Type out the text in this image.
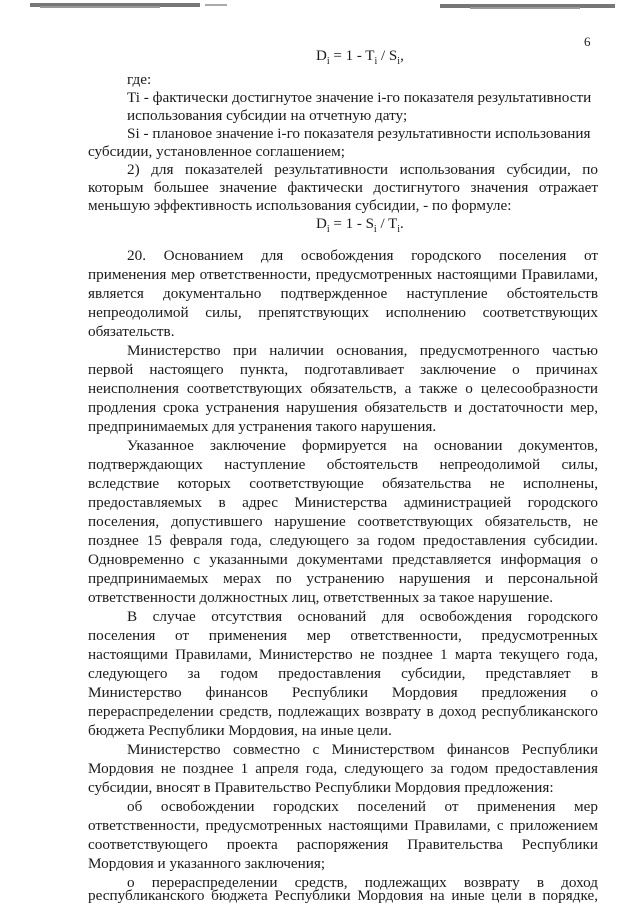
6
$D_i = 1 - T_i / S_i$,
$D_i = 1 - S_i / T_i$.
где:
Ti - фактически достигнутое значение i-го показателя результативности
использования субсидии на отчетную дату;
Si - плановое значение i-го показателя результативности использования
субсидии, установленное соглашением;
2) для показателей результативности использования субсидии, по
которым большее значение фактически достигнутого значения отражает
меньшую эффективность использования субсидии, - по формуле:
20. Основанием для освобождения городского поселения от
применения мер ответственности, предусмотренных настоящими Правилами,
является документально подтвержденное наступление обстоятельств
непреодолимой силы, препятствующих исполнению соответствующих
обязательств.
Министерство при наличии основания, предусмотренного частью
первой настоящего пункта, подготавливает заключение о причинах
неисполнения соответствующих обязательств, а также о целесообразности
продления срока устранения нарушения обязательств и достаточности мер,
предпринимаемых для устранения такого нарушения.
Указанное заключение формируется на основании документов,
подтверждающих наступление обстоятельств непреодолимой силы,
вследствие которых соответствующие обязательства не исполнены,
предоставляемых в адрес Министерства администрацией городского
поселения, допустившего нарушение соответствующих обязательств, не
позднее 15 февраля года, следующего за годом предоставления субсидии.
Одновременно с указанными документами представляется информация о
предпринимаемых мерах по устранению нарушения и персональной
ответственности должностных лиц, ответственных за такое нарушение.
В случае отсутствия оснований для освобождения городского
поселения от применения мер ответственности, предусмотренных
настоящими Правилами, Министерство не позднее 1 марта текущего года,
следующего за годом предоставления субсидии, представляет в
Министерство финансов Республики Мордовия предложения о
перераспределении средств, подлежащих возврату в доход республиканского
бюджета Республики Мордовия, на иные цели.
Министерство совместно с Министерством финансов Республики
Мордовия не позднее 1 апреля года, следующего за годом предоставления
субсидии, вносят в Правительство Республики Мордовия предложения:
об освобождении городских поселений от применения мер
ответственности, предусмотренных настоящими Правилами, с приложением
соответствующего проекта распоряжения Правительства Республики
Мордовия и указанного заключения;
о перераспределении средств, подлежащих возврату в доход
республиканского бюджета Республики Мордовия на иные цели в порядке,
